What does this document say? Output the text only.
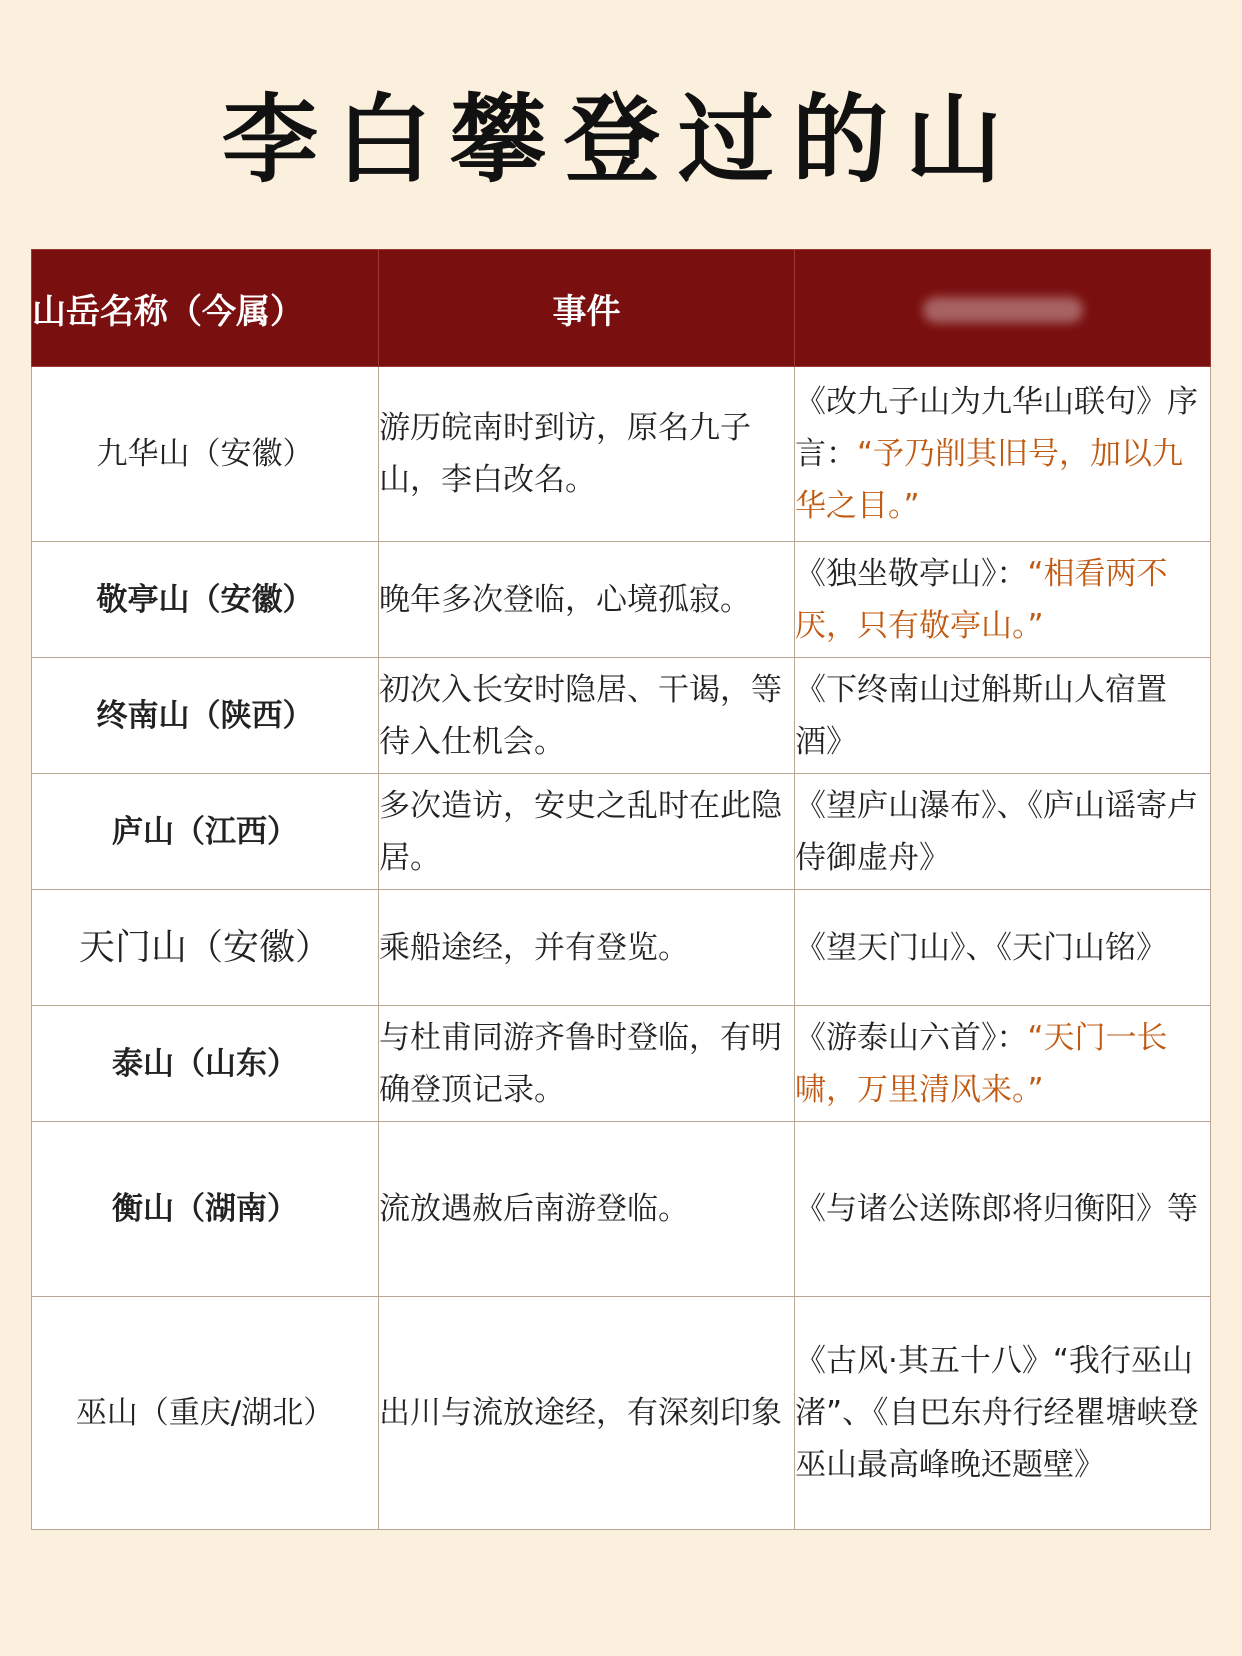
李白攀登过的山
山岳名称（今属）	事件	
九华山（安徽）	游历皖南时到访，原名九子山，李白改名。	《改九子山为九华山联句》序言：“予乃削其旧号，加以九华之目。”
敬亭山（安徽）	晚年多次登临，心境孤寂。	《独坐敬亭山》：“相看两不厌，只有敬亭山。”
终南山（陕西）	初次入长安时隐居、干谒，等待入仕机会。	《下终南山过斛斯山人宿置酒》
庐山（江西）	多次造访，安史之乱时在此隐居。	《望庐山瀑布》、《庐山谣寄卢侍御虚舟》
天门山（安徽）	乘船途经，并有登览。	《望天门山》、《天门山铭》
泰山（山东）	与杜甫同游齐鲁时登临，有明确登顶记录。	《游泰山六首》：“天门一长啸，万里清风来。”
衡山（湖南）	流放遇赦后南游登临。	《与诸公送陈郎将归衡阳》等
巫山（重庆/湖北）	出川与流放途经，有深刻印象	《古风·其五十八》“我行巫山渚”、《自巴东舟行经瞿塘峡登巫山最高峰晚还题壁》
